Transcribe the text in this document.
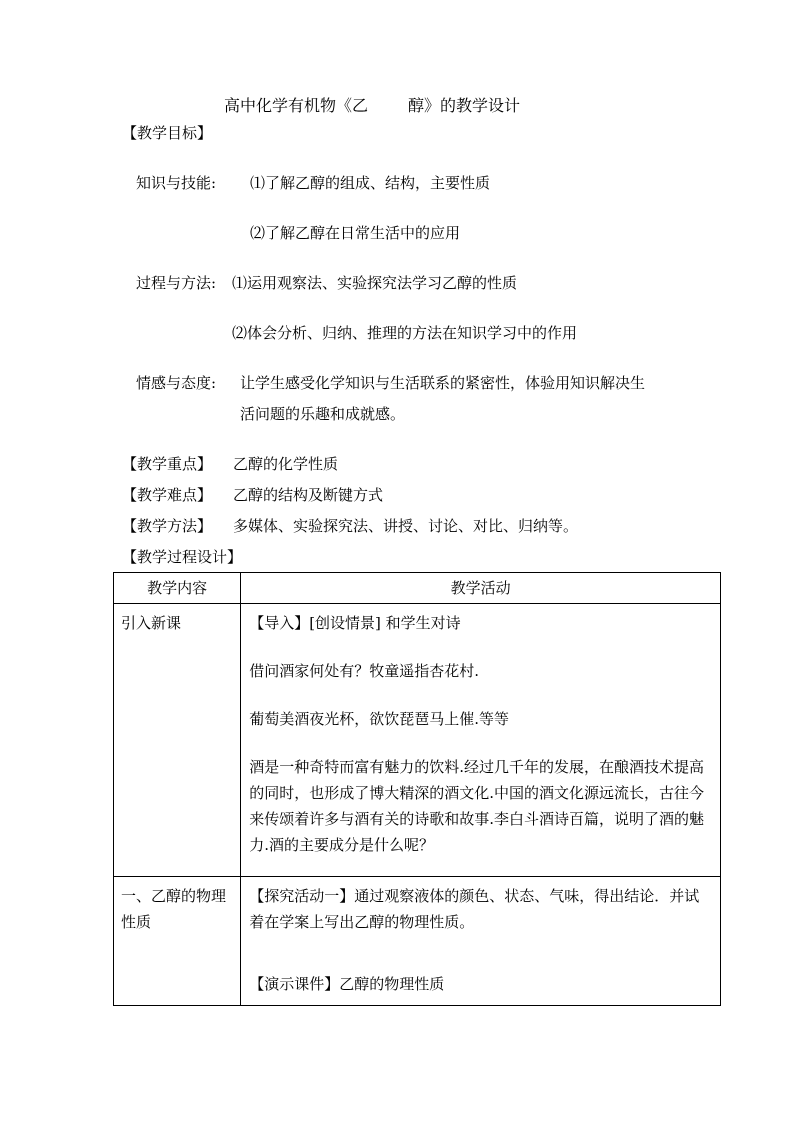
高中化学有机物《乙	醇》的教学设计
【教学目标】
知识与技能: ⑴了解乙醇的组成、结构，主要性质
⑵了解乙醇在日常生活中的应用
过程与方法: ⑴运用观察法、实验探究法学习乙醇的性质
⑵体会分析、归纳、推理的方法在知识学习中的作用
情感与态度: 让学生感受化学知识与生活联系的紧密性，体验用知识解决生
活问题的乐趣和成就感。
【教学重点】 乙醇的化学性质
【教学难点】 乙醇的结构及断键方式
【教学方法】 多媒体、实验探究法、讲授、讨论、对比、归纳等。
【教学过程设计】
教学内容	教学活动
引入新课	【导入】[创设情景] 和学生对诗

借问酒家何处有？牧童遥指杏花村.

葡萄美酒夜光杯，欲饮琵琶马上催.等等

酒是一种奇特而富有魅力的饮料.经过几千年的发展，在酿酒技术提高的同时，也形成了博大精深的酒文化.中国的酒文化源远流长，古往今来传颂着许多与酒有关的诗歌和故事.李白斗酒诗百篇，说明了酒的魅力.酒的主要成分是什么呢？

一、乙醇的物理性质	【探究活动一】通过观察液体的颜色、状态、气味，得出结论．并试着在学案上写出乙醇的物理性质。

【演示课件】乙醇的物理性质
